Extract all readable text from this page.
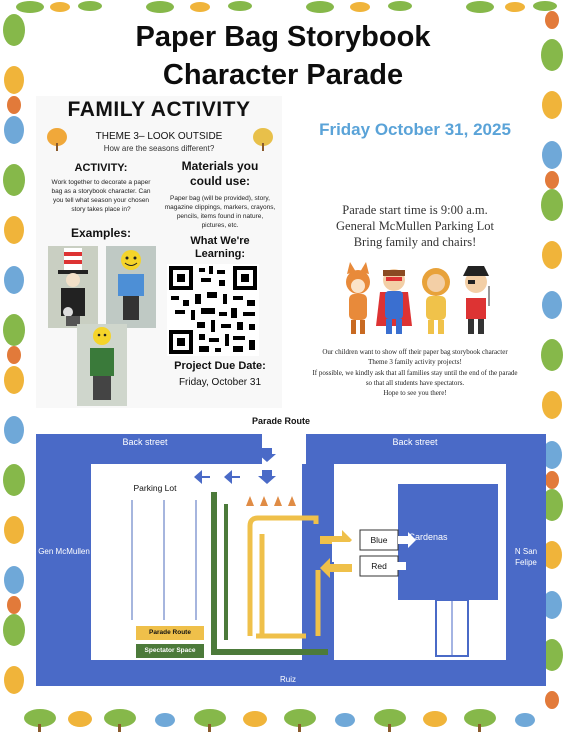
Paper Bag Storybook
Character Parade
FAMILY ACTIVITY
THEME 3– LOOK OUTSIDE
How are the seasons different?
ACTIVITY:
Work together to decorate a paper bag as a storybook character. Can you tell what season your chosen story takes place in?
Examples:
Materials you could use:
Paper bag (will be provided), story, magazine clippings, markers, crayons, pencils, items found in nature, pictures, etc.
What We're Learning:
Project Due Date:
Friday, October 31
Friday October 31, 2025
Parade start time is 9:00 a.m.
General McMullen Parking Lot
Bring family and chairs!
Our children want to show off their paper bag storybook character
Theme 3 family activity projects!
If possible, we kindly ask that all families stay until the end of the parade
so that all students have spectators.
Hope to see you there!
Parade Route
Back street	Back street
Gen McMullen	N San Felipe
Ruiz
Parking Lot
Cardenas
Blue
Red
Parade Route
Spectator Space
